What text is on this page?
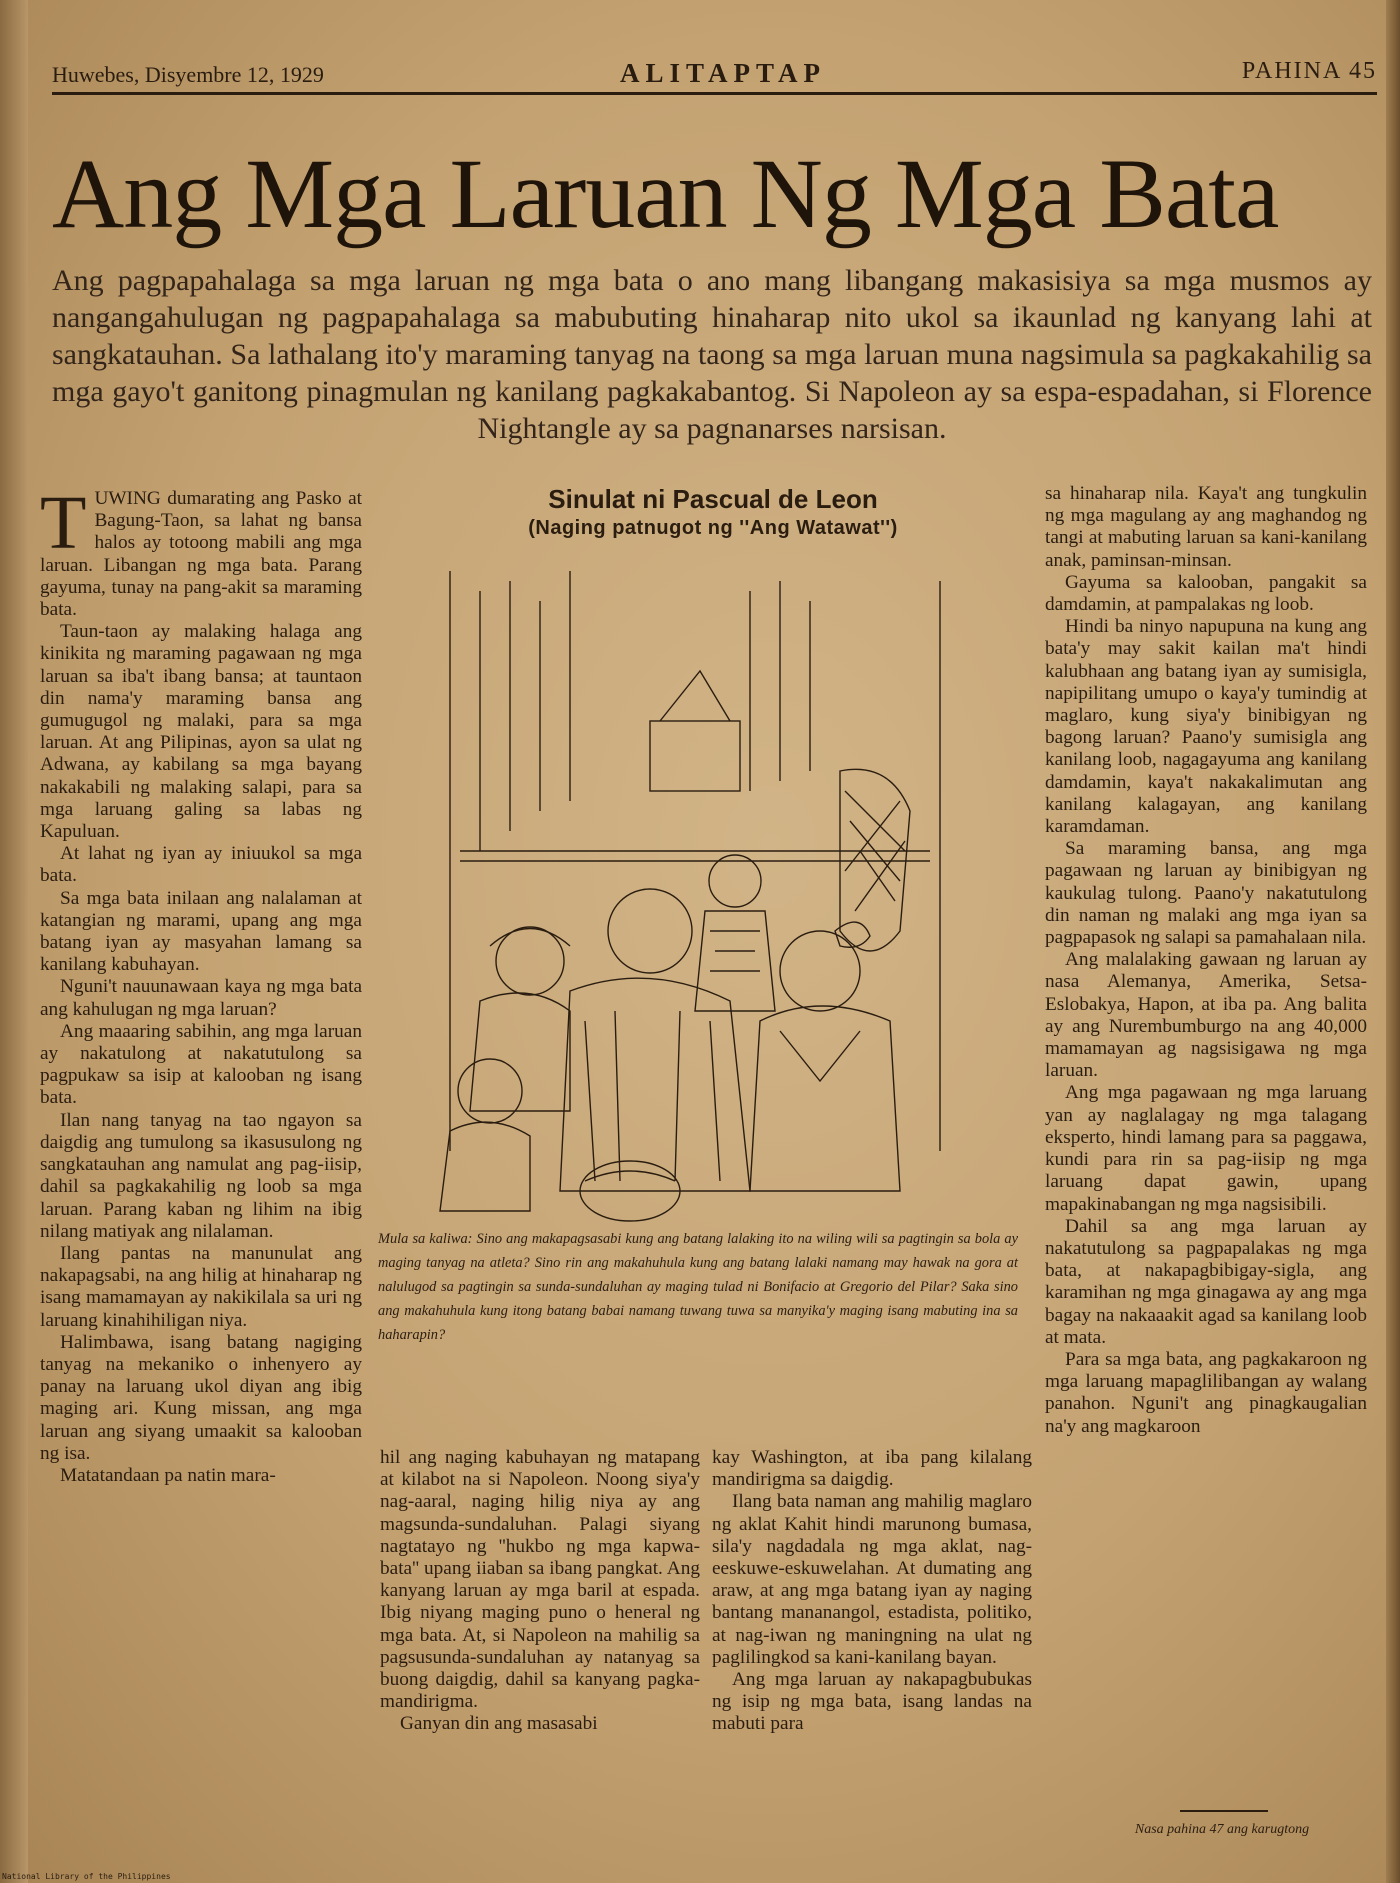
Huwebes, Disyembre 12, 1929	ALITAPTAP	PAHINA 45
Ang Mga Laruan Ng Mga Bata
Ang pagpapahalaga sa mga laruan ng mga bata o ano mang libangang makasisiya sa mga musmos ay nangangahulugan ng pagpapahalaga sa mabubuting hinaharap nito ukol sa ikaunlad ng kanyang lahi at sangkatauhan. Sa lathalang ito'y maraming tanyag na taong sa mga laruan muna nagsimula sa pagkakahilig sa mga gayo't ganitong pinagmulan ng kanilang pagkakabantog. Si Napoleon ay sa espa-espadahan, si Florence Nightangle ay sa pagnanarses narsisan.

TUWING dumarating ang Pasko at Bagung-Taon, sa lahat ng bansa halos ay totoong mabili ang mga laruan. Libangan ng mga bata. Parang gayuma, tunay na pang-akit sa maraming bata.

Taun-taon ay malaking halaga ang kinikita ng maraming pagawaan ng mga laruan sa iba't ibang bansa; at tauntaon din nama'y maraming bansa ang gumugugol ng malaki, para sa mga laruan. At ang Pilipinas, ayon sa ulat ng Adwana, ay kabilang sa mga bayang nakakabili ng malaking salapi, para sa mga laruang galing sa labas ng Kapuluan.

At lahat ng iyan ay iniuukol sa mga bata.

Sa mga bata inilaan ang nalalaman at katangian ng marami, upang ang mga batang iyan ay masyahan lamang sa kanilang kabuhayan.

Nguni't nauunawaan kaya ng mga bata ang kahulugan ng mga laruan?

Ang maaaring sabihin, ang mga laruan ay nakatulong at nakatutulong sa pagpukaw sa isip at kalooban ng isang bata.

Ilan nang tanyag na tao ngayon sa daigdig ang tumulong sa ikasusulong ng sangkatauhan ang namulat ang pag-iisip, dahil sa pagkakahilig ng loob sa mga laruan. Parang kaban ng lihim na ibig nilang matiyak ang nilalaman.

Ilang pantas na manunulat ang nakapagsabi, na ang hilig at hinaharap ng isang mamamayan ay nakikilala sa uri ng laruang kinahihiligan niya.

Halimbawa, isang batang nagiging tanyag na mekaniko o inhenyero ay panay na laruang ukol diyan ang ibig maging ari. Kung missan, ang mga laruan ang siyang umaakit sa kalooban ng isa.

Matatandaan pa natin mara-

Sinulat ni Pascual de Leon
(Naging patnugot ng ''Ang Watawat'')
Mula sa kaliwa: Sino ang makapagsasabi kung ang batang lalaking ito na wiling wili sa pagtingin sa bola ay maging tanyag na atleta? Sino rin ang makahuhula kung ang batang lalaki namang may hawak na gora at nalulugod sa pagtingin sa sunda-sundaluhan ay maging tulad ni Bonifacio at Gregorio del Pilar? Saka sino ang makahuhula kung itong batang babai namang tuwang tuwa sa manyika'y maging isang mabuting ina sa haharapin?

hil ang naging kabuhayan ng matapang at kilabot na si Napoleon. Noong siya'y nag-aaral, naging hilig niya ay ang magsunda-sundaluhan. Palagi siyang nagtatayo ng ''hukbo ng mga kapwa-bata'' upang iiaban sa ibang pangkat. Ang kanyang laruan ay mga baril at espada. Ibig niyang maging puno o heneral ng mga bata. At, si Napoleon na mahilig sa pagsusunda-sundaluhan ay natanyag sa buong daigdig, dahil sa kanyang pagka-mandirigma.

Ganyan din ang masasabi

kay Washington, at iba pang kilalang mandirigma sa daigdig.

Ilang bata naman ang mahilig maglaro ng aklat Kahit hindi marunong bumasa, sila'y nagdadala ng mga aklat, nag-eeskuwe-eskuwelahan. At dumating ang araw, at ang mga batang iyan ay naging bantang mananangol, estadista, politiko, at nag-iwan ng maningning na ulat ng paglilingkod sa kani-kanilang bayan.

Ang mga laruan ay nakapagbubukas ng isip ng mga bata, isang landas na mabuti para

sa hinaharap nila. Kaya't ang tungkulin ng mga magulang ay ang maghandog ng tangi at mabuting laruan sa kani-kanilang anak, paminsan-minsan.

Gayuma sa kalooban, pangakit sa damdamin, at pampalakas ng loob.

Hindi ba ninyo napupuna na kung ang bata'y may sakit kailan ma't hindi kalubhaan ang batang iyan ay sumisigla, napipilitang umupo o kaya'y tumindig at maglaro, kung siya'y binibigyan ng bagong laruan? Paano'y sumisigla ang kanilang loob, nagagayuma ang kanilang damdamin, kaya't nakakalimutan ang kanilang kalagayan, ang kanilang karamdaman.

Sa maraming bansa, ang mga pagawaan ng laruan ay binibigyan ng kaukulag tulong. Paano'y nakatutulong din naman ng malaki ang mga iyan sa pagpapasok ng salapi sa pamahalaan nila.

Ang malalaking gawaan ng laruan ay nasa Alemanya, Amerika, Setsa-Eslobakya, Hapon, at iba pa. Ang balita ay ang Nurembumburgo na ang 40,000 mamamayan ag nagsisigawa ng mga laruan.

Ang mga pagawaan ng mga laruang yan ay naglalagay ng mga talagang eksperto, hindi lamang para sa paggawa, kundi para rin sa pag-iisip ng mga laruang dapat gawin, upang mapakinabangan ng mga nagsisibili.

Dahil sa ang mga laruan ay nakatutulong sa pagpapalakas ng mga bata, at nakapagbibigay-sigla, ang karamihan ng mga ginagawa ay ang mga bagay na nakaaakit agad sa kanilang loob at mata.

Para sa mga bata, ang pagkakaroon ng mga laruang mapaglilibangan ay walang panahon. Nguni't ang pinagkaugalian na'y ang magkaroon

Nasa pahina 47 ang karugtong
National Library of the Philippines
